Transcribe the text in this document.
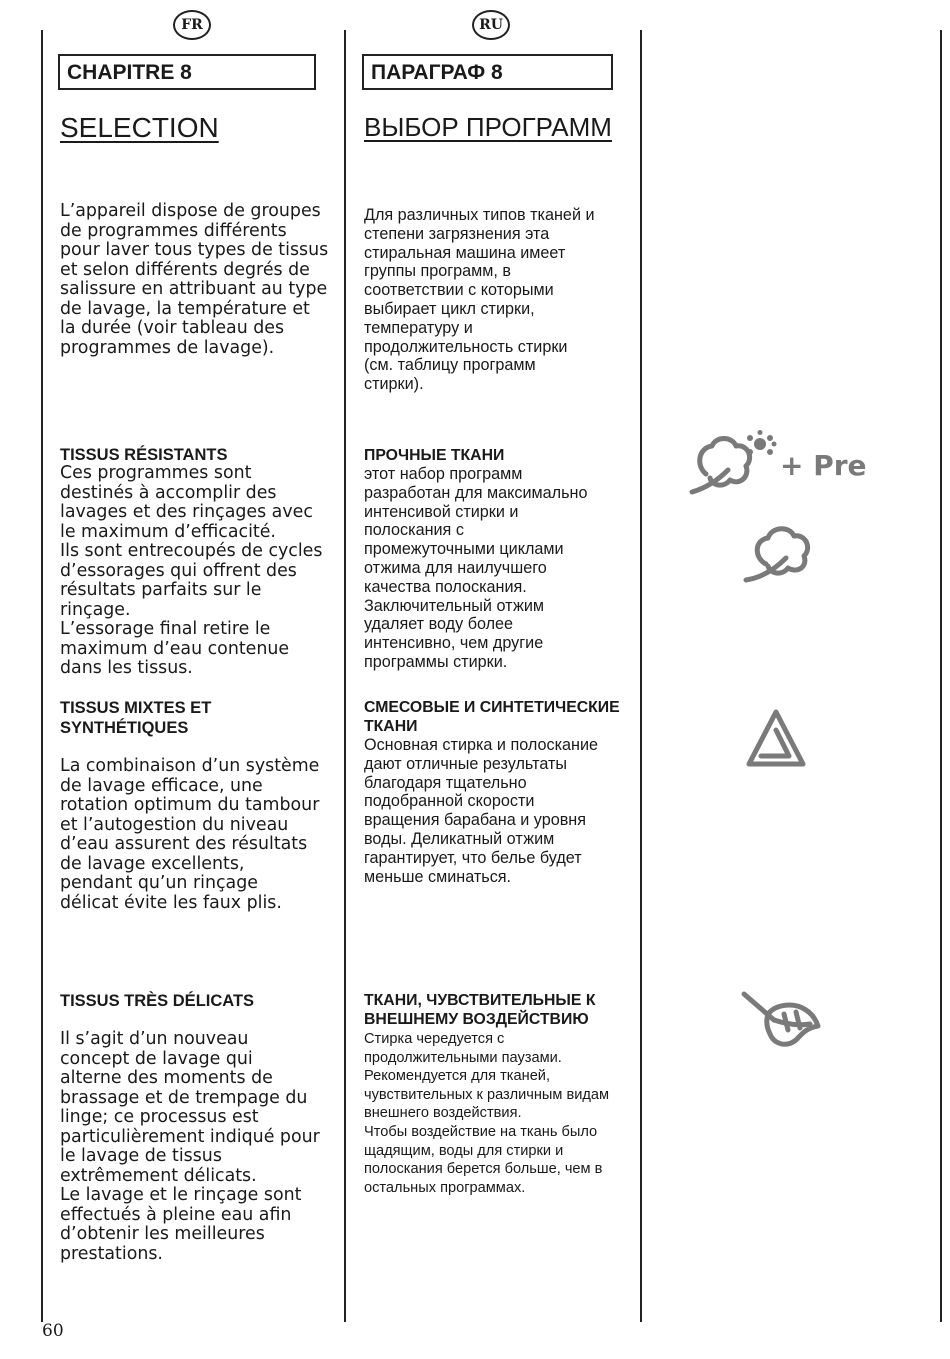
FR	RU
CHAPITRE 8
SELECTION
L’appareil dispose de groupes
de programmes différents
pour laver tous types de tissus
et selon différents degrés de
salissure en attribuant au type
de lavage, la température et
la durée (voir tableau des
programmes de lavage).
TISSUS RÉSISTANTS
Ces programmes sont
destinés à accomplir des
lavages et des rinçages avec
le maximum d’efficacité.
Ils sont entrecoupés de cycles
d’essorages qui offrent des
résultats parfaits sur le
rinçage.
L’essorage final retire le
maximum d’eau contenue
dans les tissus.
TISSUS MIXTES ET
SYNTHÉTIQUES
La combinaison d’un système
de lavage efficace, une
rotation optimum du tambour
et l’autogestion du niveau
d’eau assurent des résultats
de lavage excellents,
pendant qu’un rinçage
délicat évite les faux plis.
TISSUS TRÈS DÉLICATS
Il s’agit d’un nouveau
concept de lavage qui
alterne des moments de
brassage et de trempage du
linge; ce processus est
particulièrement indiqué pour
le lavage de tissus
extrêmement délicats.
Le lavage et le rinçage sont
effectués à pleine eau afin
d’obtenir les meilleures
prestations.
ПАРАГРАФ 8
ВЫБОР ПРОГРАММ
Для различных типов тканей и
степени загрязнения эта
стиральная машина имеет
группы программ, в
соответствии с которыми
выбирает цикл стирки,
температуру и
продолжительность стирки
(см. таблицу программ
стирки).
ПРОЧНЫЕ ТКАНИ
этот набор программ
разработан для максимально
интенсивой стирки и
полоскания с
промежуточными циклами
отжима для наилучшего
качества полоскания.
Заключительный отжим
удаляет воду более
интенсивно, чем другие
программы стирки.
СМЕСОВЫЕ И СИНТЕТИЧЕСКИЕ
ТКАНИ
Основная стирка и полоскание
дают отличные результаты
благодаря тщательно
подобранной скорости
вращения барабана и уровня
воды. Деликатный отжим
гарантирует, что белье будет
меньше сминаться.
ТКАНИ, ЧУВСТВИТЕЛЬНЫЕ К
ВНЕШНЕМУ ВОЗДЕЙСТВИЮ
Стирка чередуется с
продолжительными паузами.
Рекомендуется для тканей,
чувствительных к различным видам
внешнего воздействия.
Чтобы воздействие на ткань было
щадящим, воды для стирки и
полоскания берется больше, чем в
остальных программах.
+ Pre
60
